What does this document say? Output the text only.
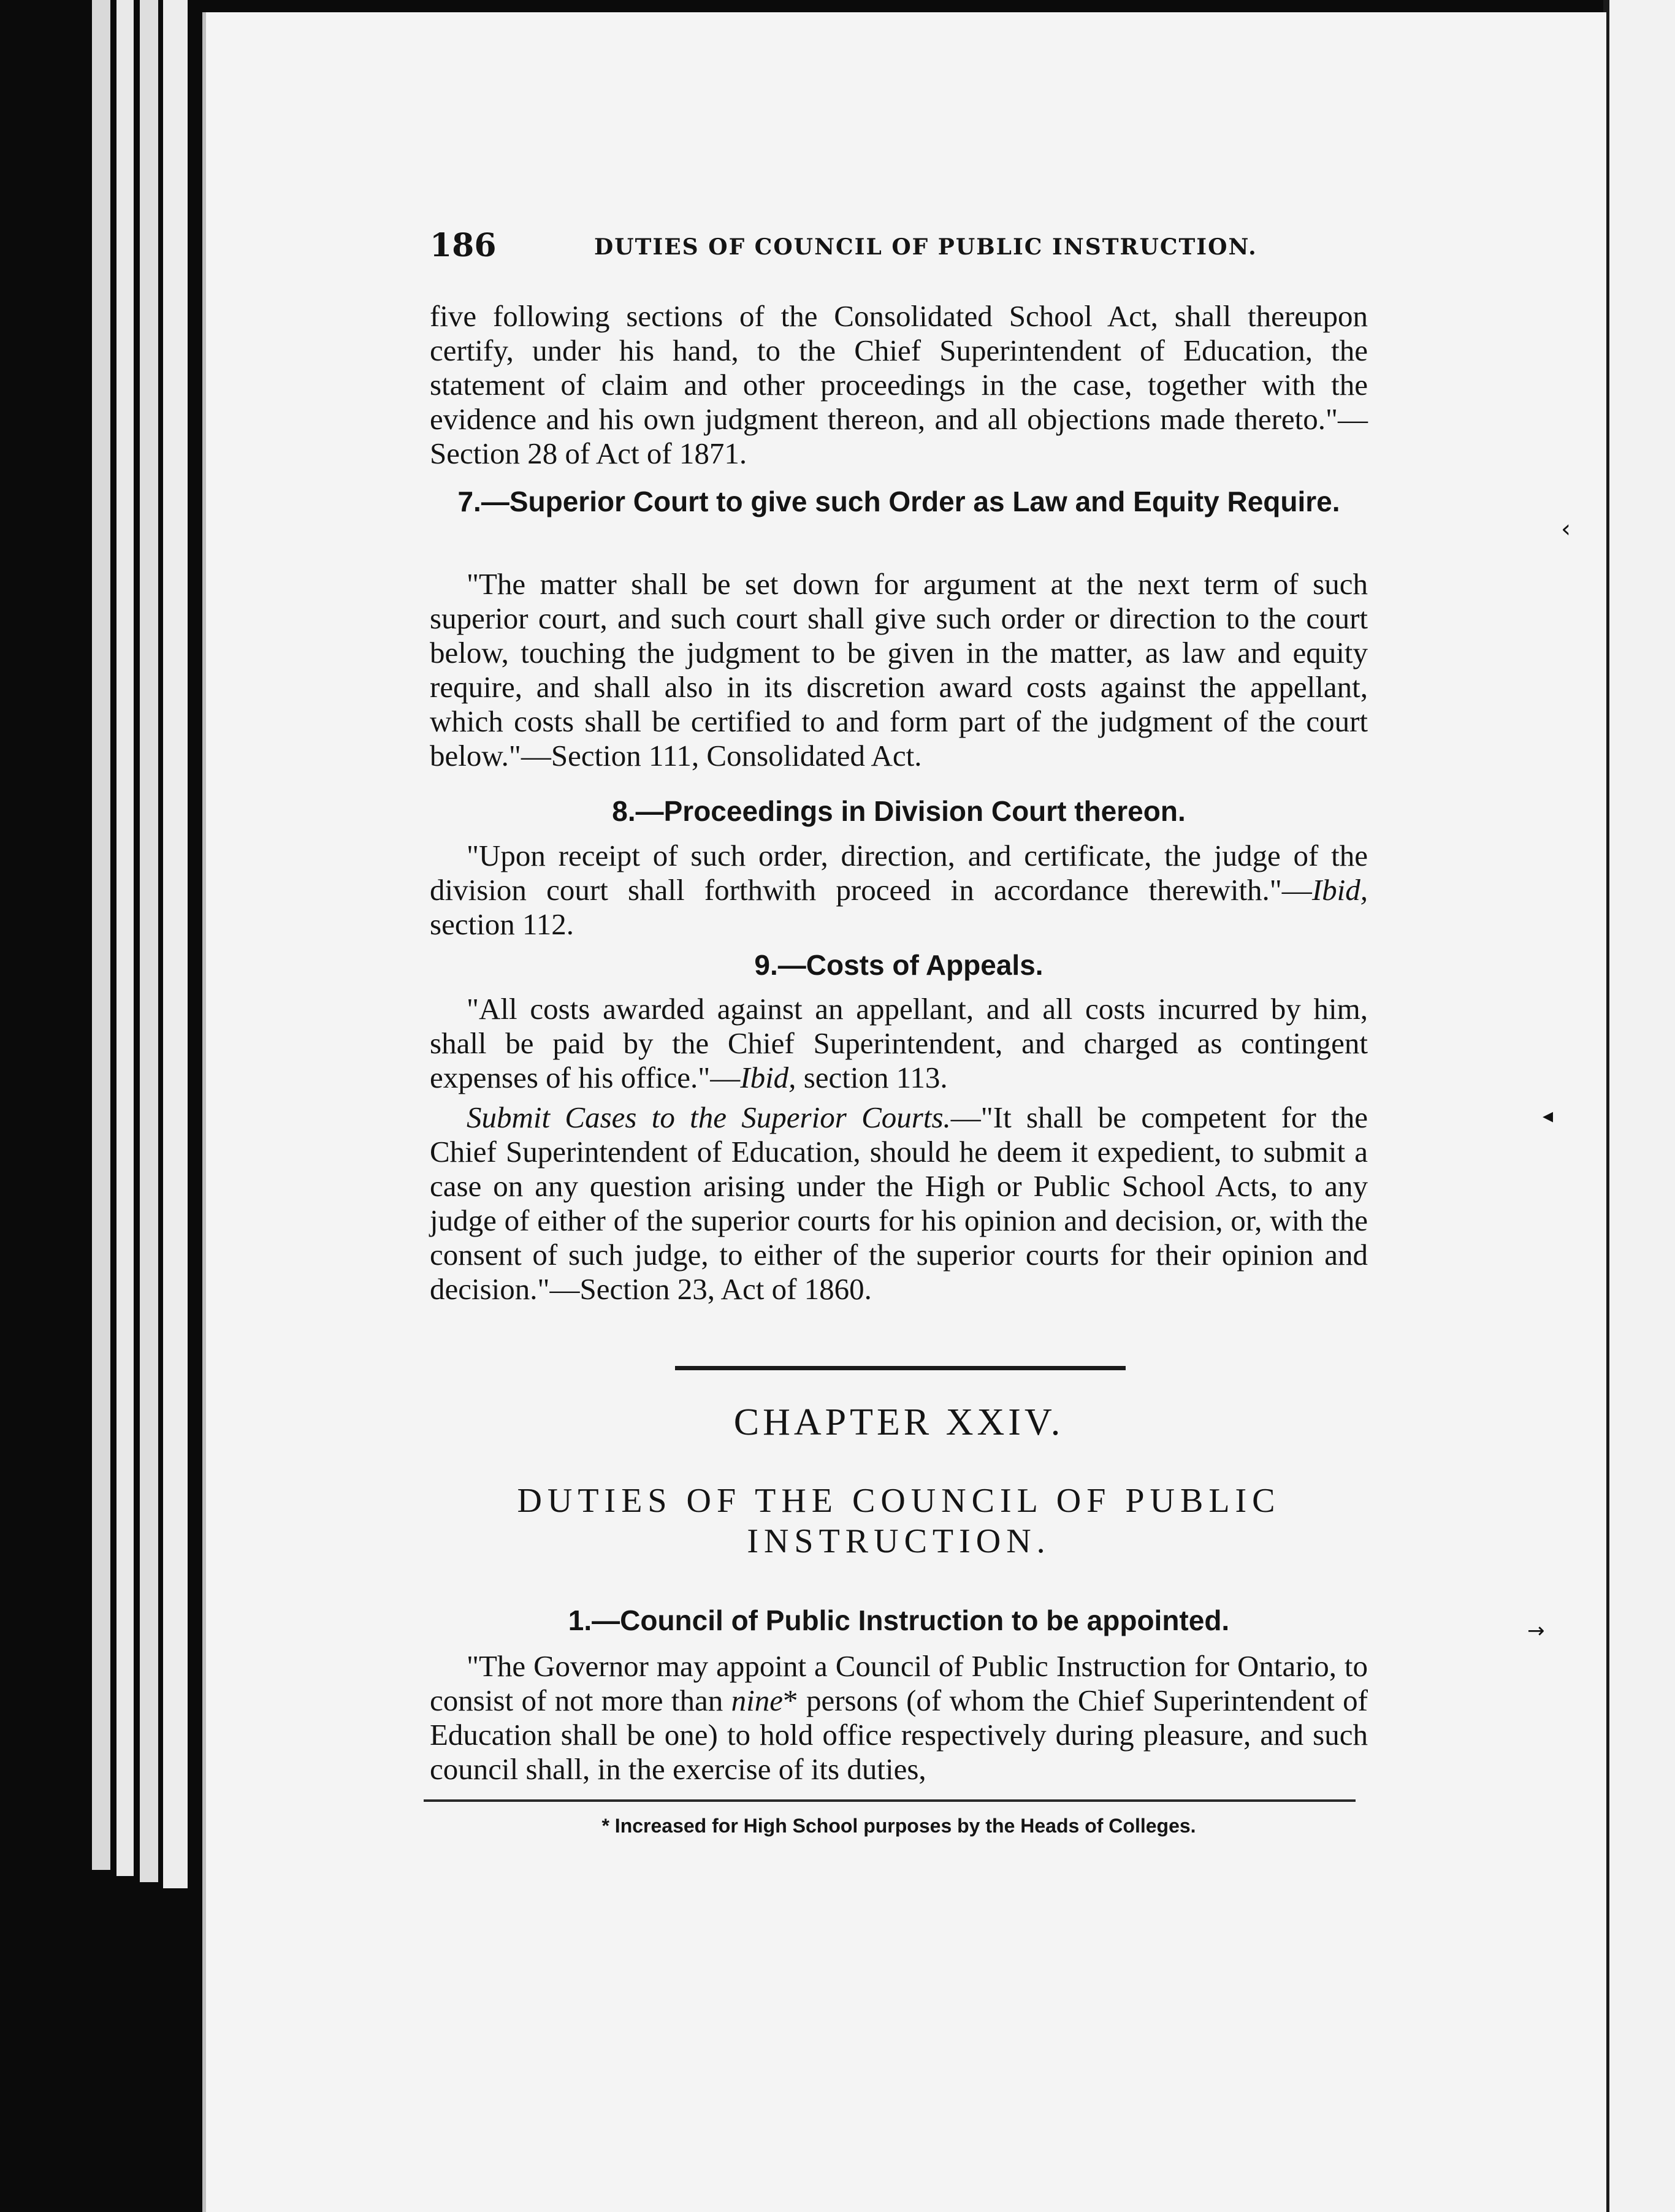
186	DUTIES OF COUNCIL OF PUBLIC INSTRUCTION.
five following sections of the Consolidated School Act, shall thereupon certify, under his hand, to the Chief Superintendent of Education, the statement of claim and other proceedings in the case, together with the evidence and his own judgment thereon, and all objections made thereto."—Section 28 of Act of 1871.
7.—Superior Court to give such Order as Law and Equity Require.
"The matter shall be set down for argument at the next term of such superior court, and such court shall give such order or direction to the court below, touching the judgment to be given in the matter, as law and equity require, and shall also in its discretion award costs against the appellant, which costs shall be certified to and form part of the judgment of the court below."—Section 111, Consolidated Act.
8.—Proceedings in Division Court thereon.
"Upon receipt of such order, direction, and certificate, the judge of the division court shall forthwith proceed in accordance therewith."—Ibid, section 112.
9.—Costs of Appeals.
"All costs awarded against an appellant, and all costs incurred by him, shall be paid by the Chief Superintendent, and charged as contingent expenses of his office."—Ibid, section 113.
Submit Cases to the Superior Courts.—"It shall be competent for the Chief Superintendent of Education, should he deem it expedient, to submit a case on any question arising under the High or Public School Acts, to any judge of either of the superior courts for his opinion and decision, or, with the consent of such judge, to either of the superior courts for their opinion and decision."—Section 23, Act of 1860.
CHAPTER XXIV.
DUTIES OF THE COUNCIL OF PUBLIC INSTRUCTION.
1.—Council of Public Instruction to be appointed.
"The Governor may appoint a Council of Public Instruction for Ontario, to consist of not more than nine* persons (of whom the Chief Superintendent of Education shall be one) to hold office respectively during pleasure, and such council shall, in the exercise of its duties,
* Increased for High School purposes by the Heads of Colleges.
‹
◂
→
